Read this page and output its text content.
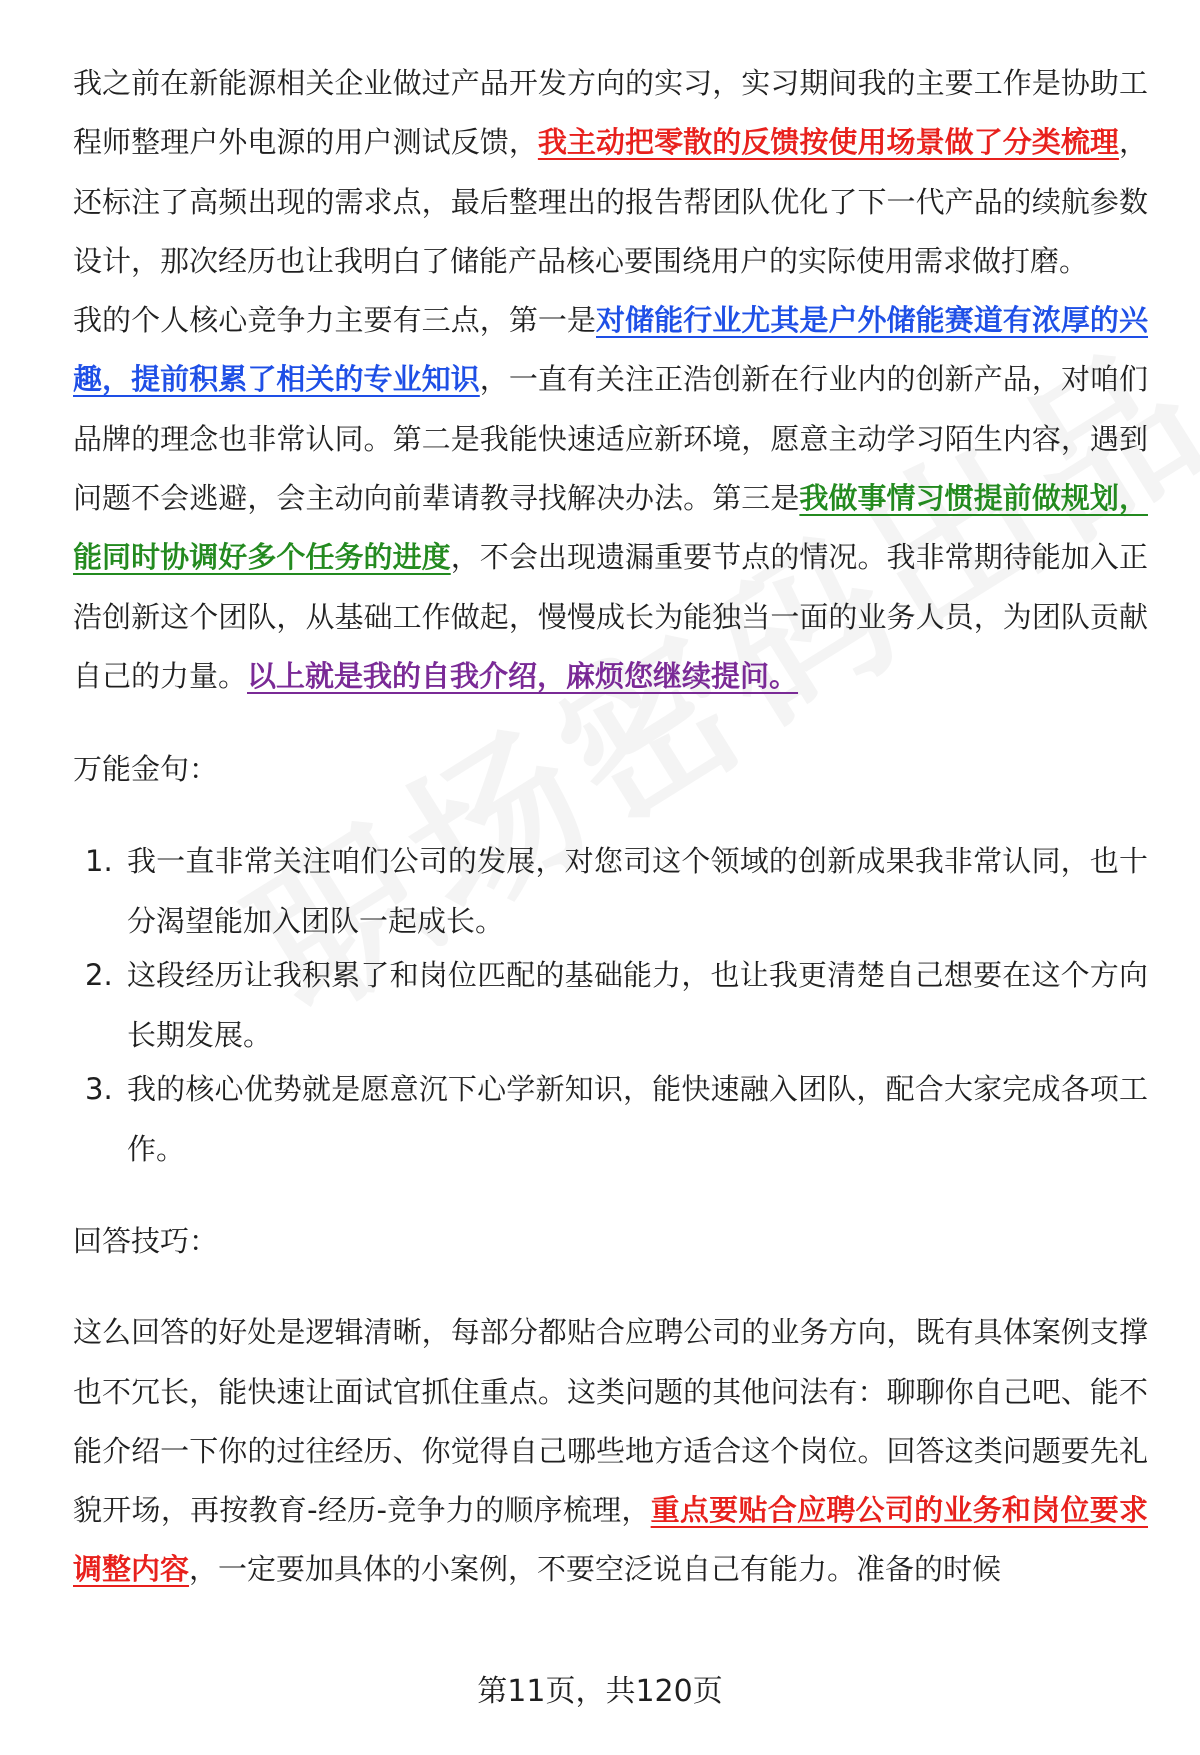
我之前在新能源相关企业做过产品开发方向的实习，实习期间我的主要工作是协助工程师整理户外电源的用户测试反馈，我主动把零散的反馈按使用场景做了分类梳理，还标注了高频出现的需求点，最后整理出的报告帮团队优化了下一代产品的续航参数设计，那次经历也让我明白了储能产品核心要围绕用户的实际使用需求做打磨。

我的个人核心竞争力主要有三点，第一是对储能行业尤其是户外储能赛道有浓厚的兴趣，提前积累了相关的专业知识，一直有关注正浩创新在行业内的创新产品，对咱们品牌的理念也非常认同。第二是我能快速适应新环境，愿意主动学习陌生内容，遇到问题不会逃避，会主动向前辈请教寻找解决办法。第三是我做事情习惯提前做规划，能同时协调好多个任务的进度，不会出现遗漏重要节点的情况。我非常期待能加入正浩创新这个团队，从基础工作做起，慢慢成长为能独当一面的业务人员，为团队贡献自己的力量。以上就是我的自我介绍，麻烦您继续提问。

万能金句：

1. 我一直非常关注咱们公司的发展，对您司这个领域的创新成果我非常认同，也十分渴望能加入团队一起成长。
2. 这段经历让我积累了和岗位匹配的基础能力，也让我更清楚自己想要在这个方向长期发展。
3. 我的核心优势就是愿意沉下心学新知识，能快速融入团队，配合大家完成各项工作。

回答技巧：

这么回答的好处是逻辑清晰，每部分都贴合应聘公司的业务方向，既有具体案例支撑也不冗长，能快速让面试官抓住重点。这类问题的其他问法有：聊聊你自己吧、能不能介绍一下你的过往经历、你觉得自己哪些地方适合这个岗位。回答这类问题要先礼貌开场，再按教育-经历-竞争力的顺序梳理，重点要贴合应聘公司的业务和岗位要求调整内容，一定要加具体的小案例，不要空泛说自己有能力。准备的时候

第11页，共120页
